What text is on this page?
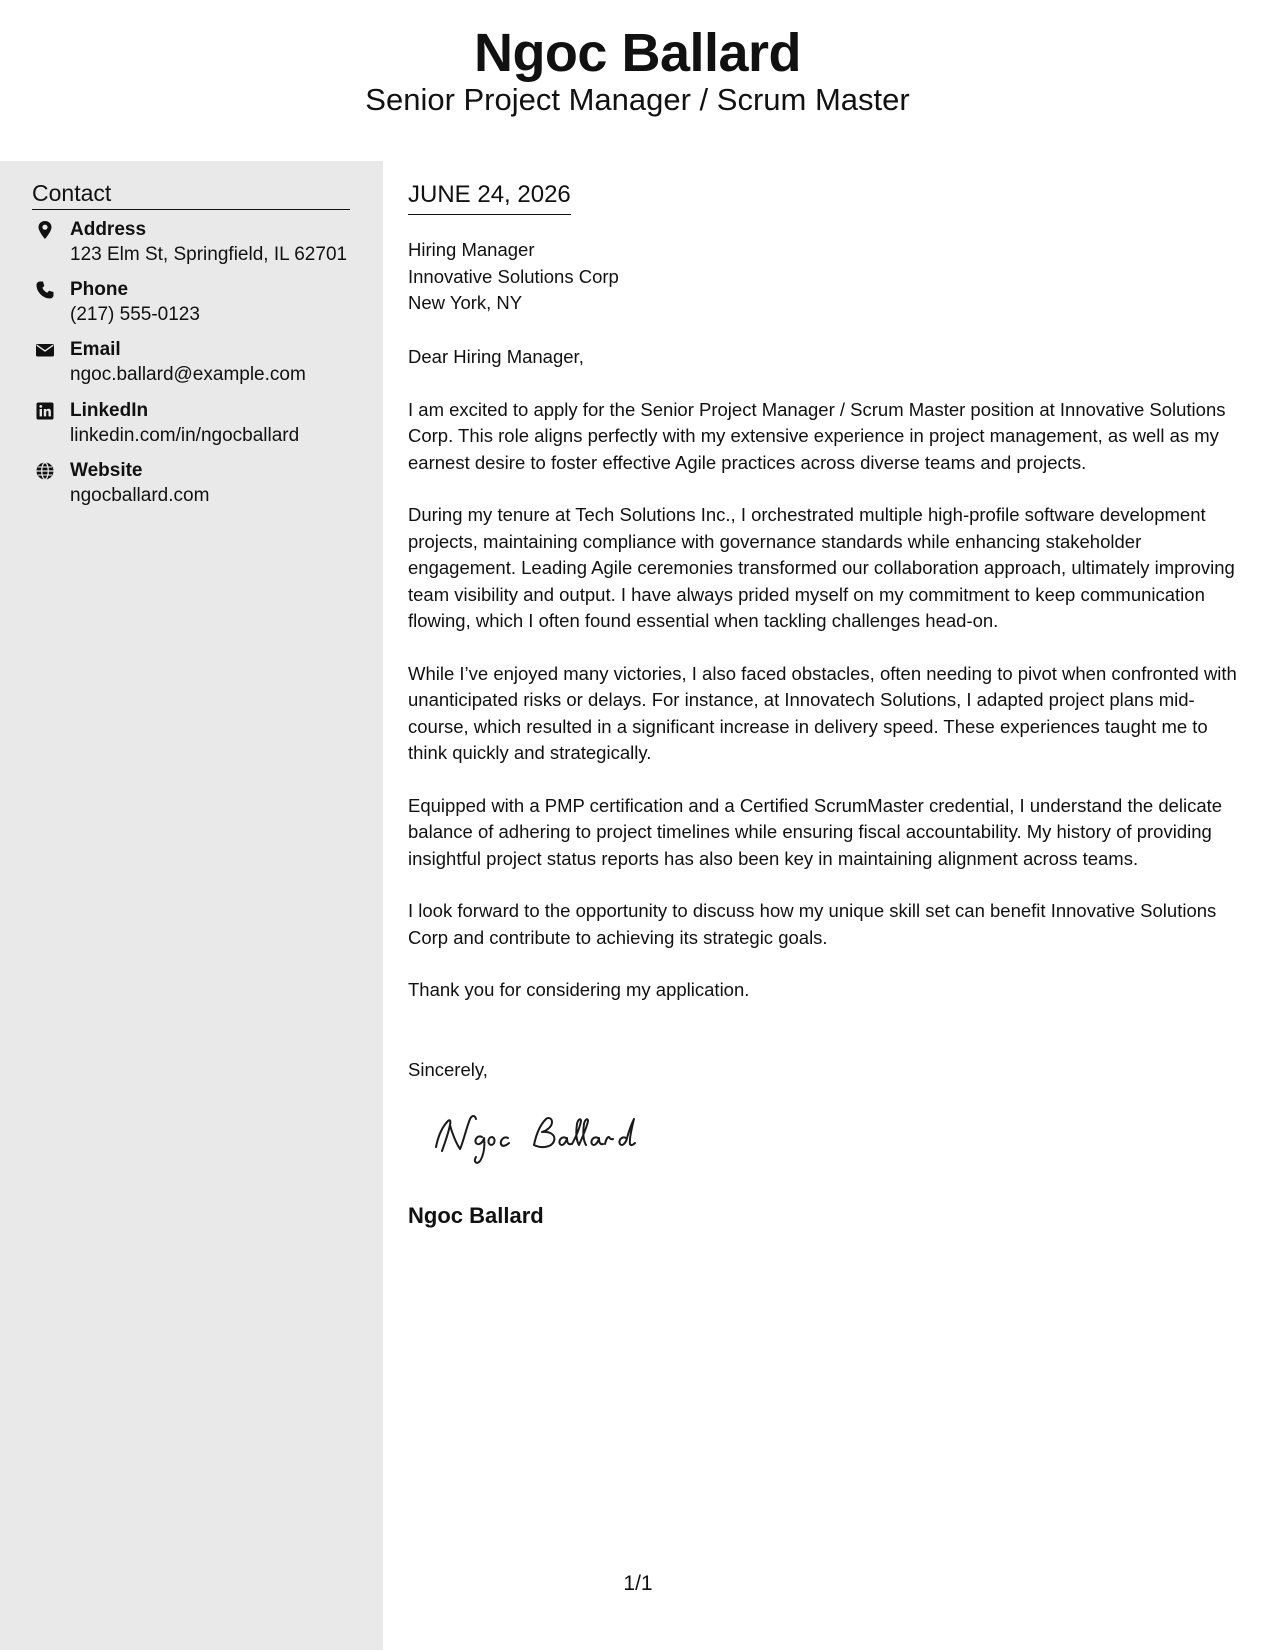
Ngoc Ballard
Senior Project Manager / Scrum Master
Contact
Address
123 Elm St, Springfield, IL 62701
Phone
(217) 555-0123
Email
ngoc.ballard@example.com
LinkedIn
linkedin.com/in/ngocballard
Website
ngocballard.com
JUNE 24, 2026
Hiring Manager
Innovative Solutions Corp
New York, NY

Dear Hiring Manager,

I am excited to apply for the Senior Project Manager / Scrum Master position at Innovative Solutions Corp. This role aligns perfectly with my extensive experience in project management, as well as my earnest desire to foster effective Agile practices across diverse teams and projects.

During my tenure at Tech Solutions Inc., I orchestrated multiple high-profile software development projects, maintaining compliance with governance standards while enhancing stakeholder engagement. Leading Agile ceremonies transformed our collaboration approach, ultimately improving team visibility and output. I have always prided myself on my commitment to keep communication flowing, which I often found essential when tackling challenges head-on.

While I’ve enjoyed many victories, I also faced obstacles, often needing to pivot when confronted with unanticipated risks or delays. For instance, at Innovatech Solutions, I adapted project plans mid-course, which resulted in a significant increase in delivery speed. These experiences taught me to think quickly and strategically.

Equipped with a PMP certification and a Certified ScrumMaster credential, I understand the delicate balance of adhering to project timelines while ensuring fiscal accountability. My history of providing insightful project status reports has also been key in maintaining alignment across teams.

I look forward to the opportunity to discuss how my unique skill set can benefit Innovative Solutions Corp and contribute to achieving its strategic goals.

Thank you for considering my application.

Sincerely,
Ngoc Ballard
1/1
